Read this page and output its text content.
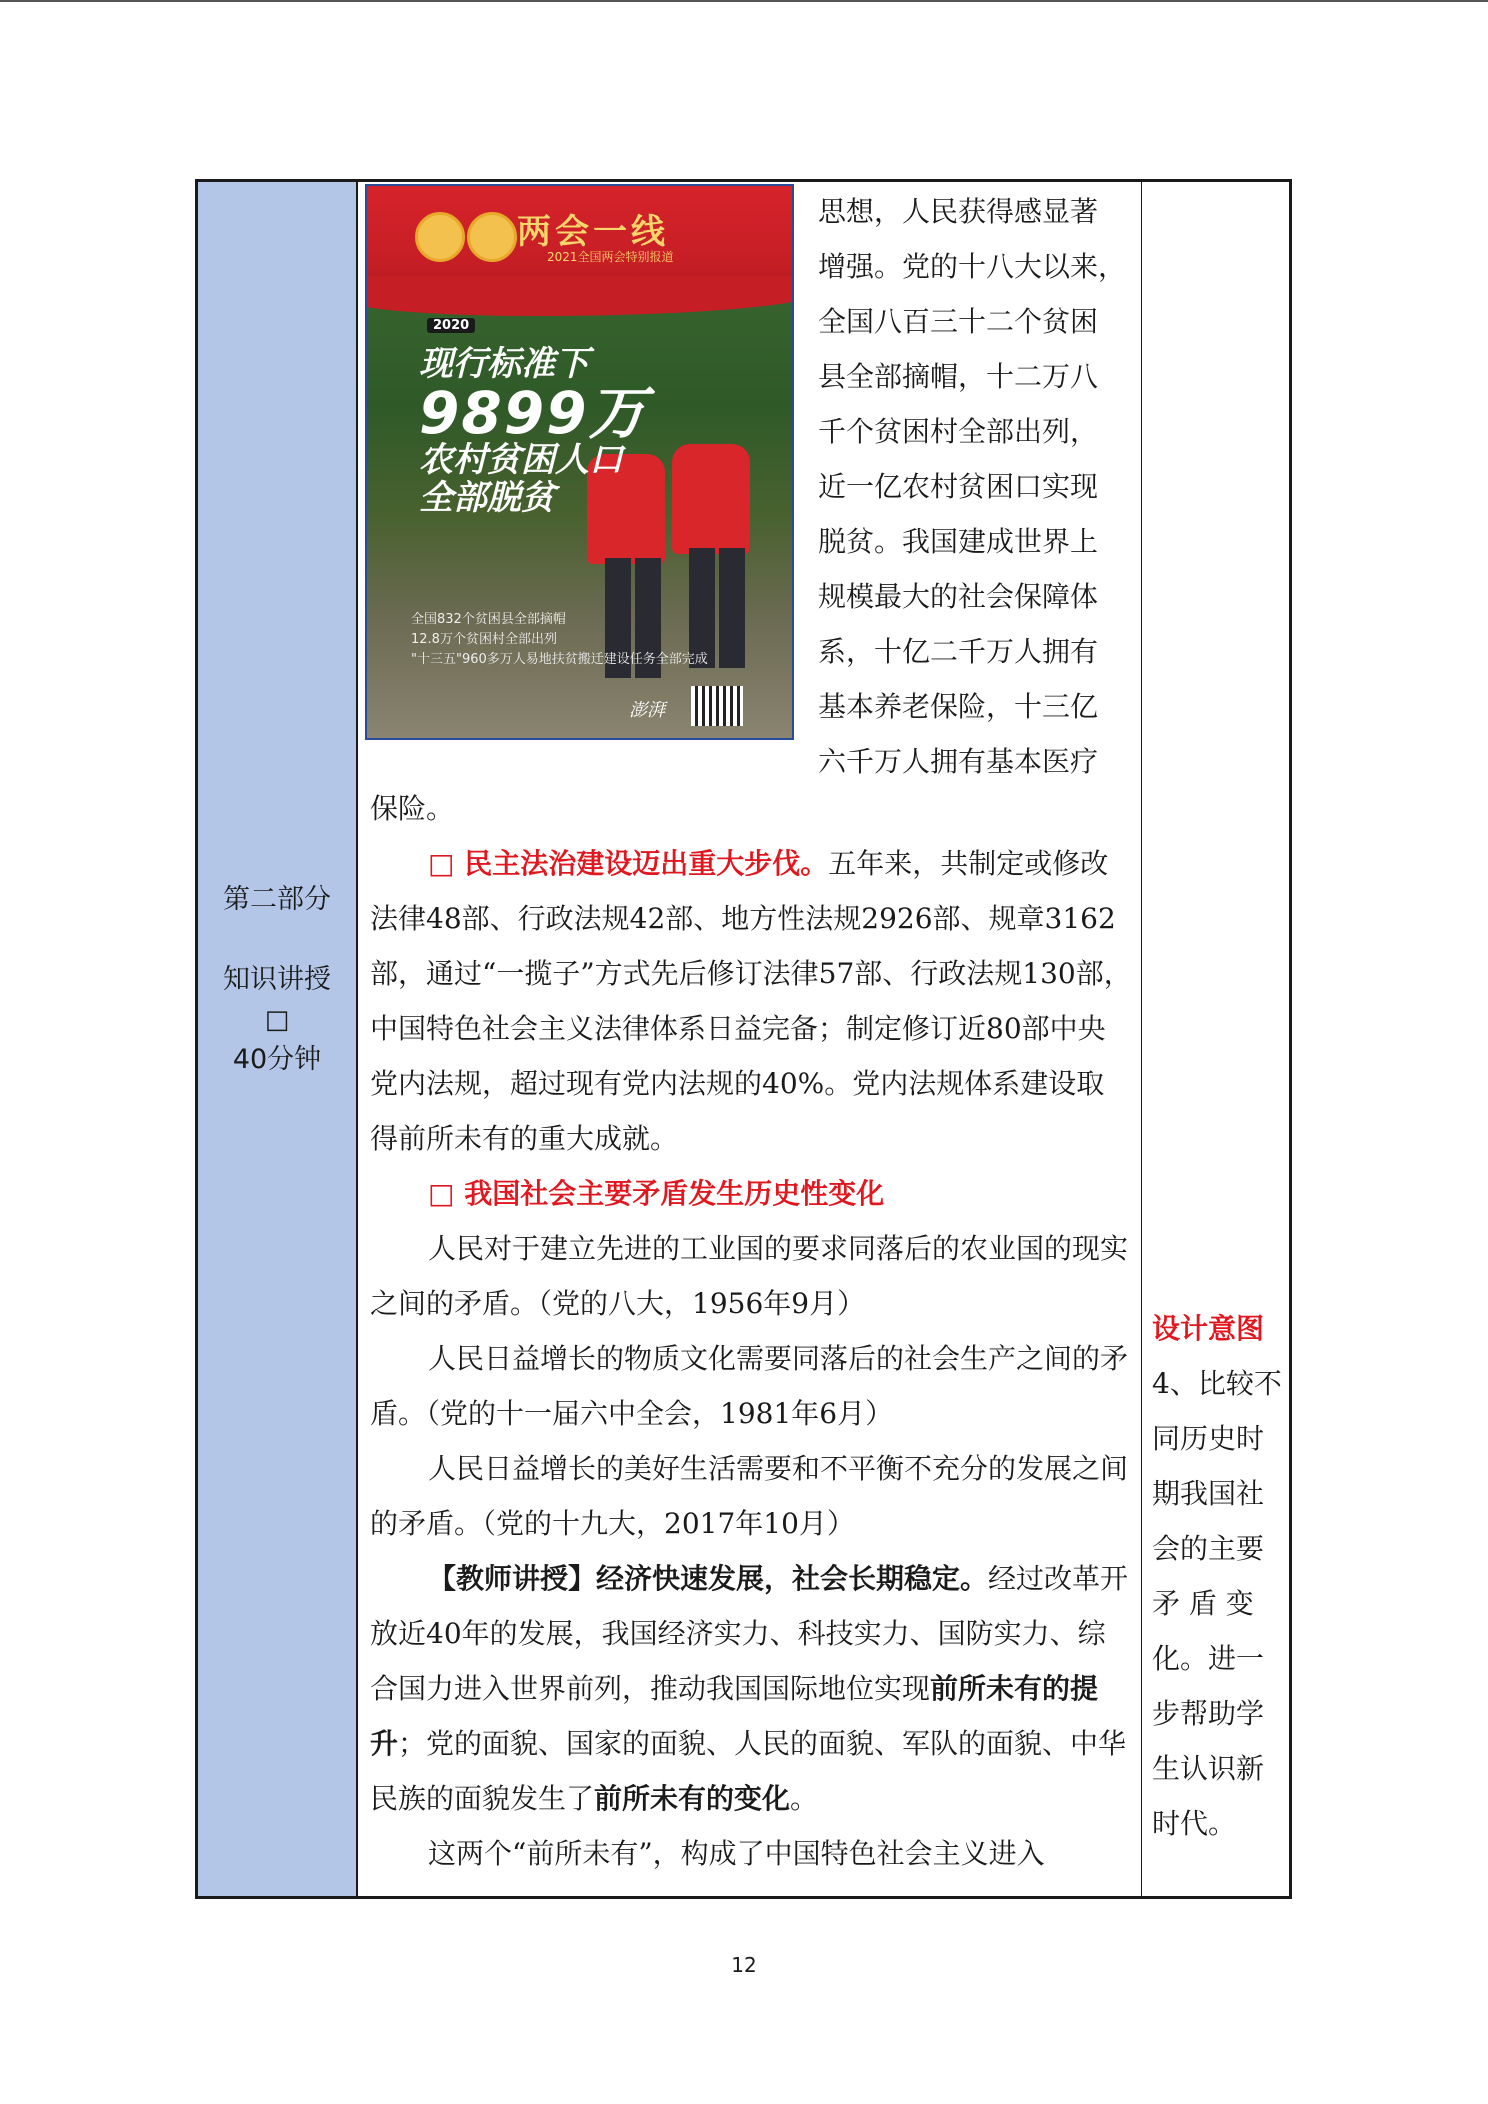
第二部分
知识讲授
□
40分钟
两会一线
2021全国两会特别报道
2020
现行标准下
9899万
农村贫困人口
全部脱贫
全国832个贫困县全部摘帽
12.8万个贫困村全部出列
"十三五"960多万人易地扶贫搬迁建设任务全部完成
澎湃

思想，人民获得感显著

增强。党的十八大以来，

全国八百三十二个贫困

县全部摘帽，十二万八

千个贫困村全部出列，

近一亿农村贫困口实现

脱贫。我国建成世界上

规模最大的社会保障体

系，十亿二千万人拥有

基本养老保险，十三亿

六千万人拥有基本医疗

保险。

□ 民主法治建设迈出重大步伐。五年来，共制定或修改法律48部、行政法规42部、地方性法规2926部、规章3162部，通过“一揽子”方式先后修订法律57部、行政法规130部，中国特色社会主义法律体系日益完备；制定修订近80部中央党内法规，超过现有党内法规的40%。党内法规体系建设取得前所未有的重大成就。

□ 我国社会主要矛盾发生历史性变化

人民对于建立先进的工业国的要求同落后的农业国的现实之间的矛盾。（党的八大，1956年9月）

人民日益增长的物质文化需要同落后的社会生产之间的矛盾。（党的十一届六中全会，1981年6月）

人民日益增长的美好生活需要和不平衡不充分的发展之间的矛盾。（党的十九大，2017年10月）

【教师讲授】经济快速发展，社会长期稳定。经过改革开放近40年的发展，我国经济实力、科技实力、国防实力、综合国力进入世界前列，推动我国国际地位实现前所未有的提升；党的面貌、国家的面貌、人民的面貌、军队的面貌、中华民族的面貌发生了前所未有的变化。

这两个“前所未有”，构成了中国特色社会主义进入

设计意图
4、比较不
同历史时
期我国社
会的主要
矛 盾 变
化。进一
步帮助学
生认识新
时代。
12
